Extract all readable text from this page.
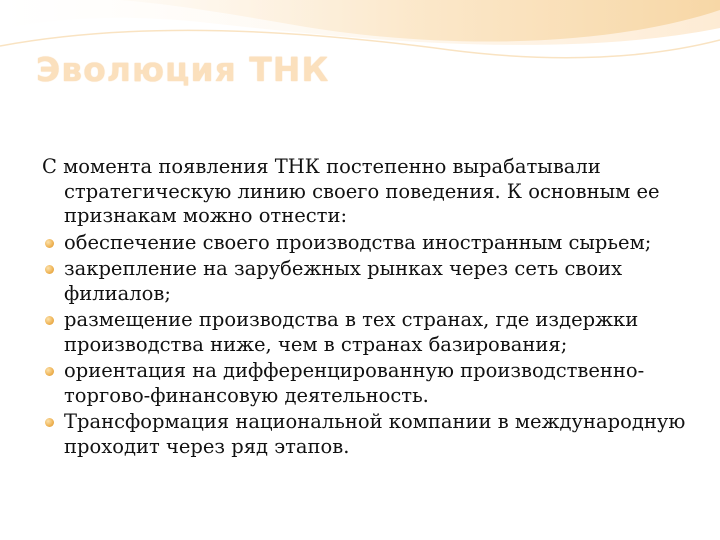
Эволюция ТНК

С момента появления ТНК постепенно вырабатывали стратегическую линию своего поведения. К основным ее признакам можно отнести:

обеспечение своего производства иностранным сырьем;
закрепление на зарубежных рынках через сеть своих филиалов;
размещение производства в тех странах, где издержки производства ниже, чем в странах базирования;
ориентация на дифференцированную производственно-торгово-финансовую деятельность.
Трансформация национальной компании в международную проходит через ряд этапов.
